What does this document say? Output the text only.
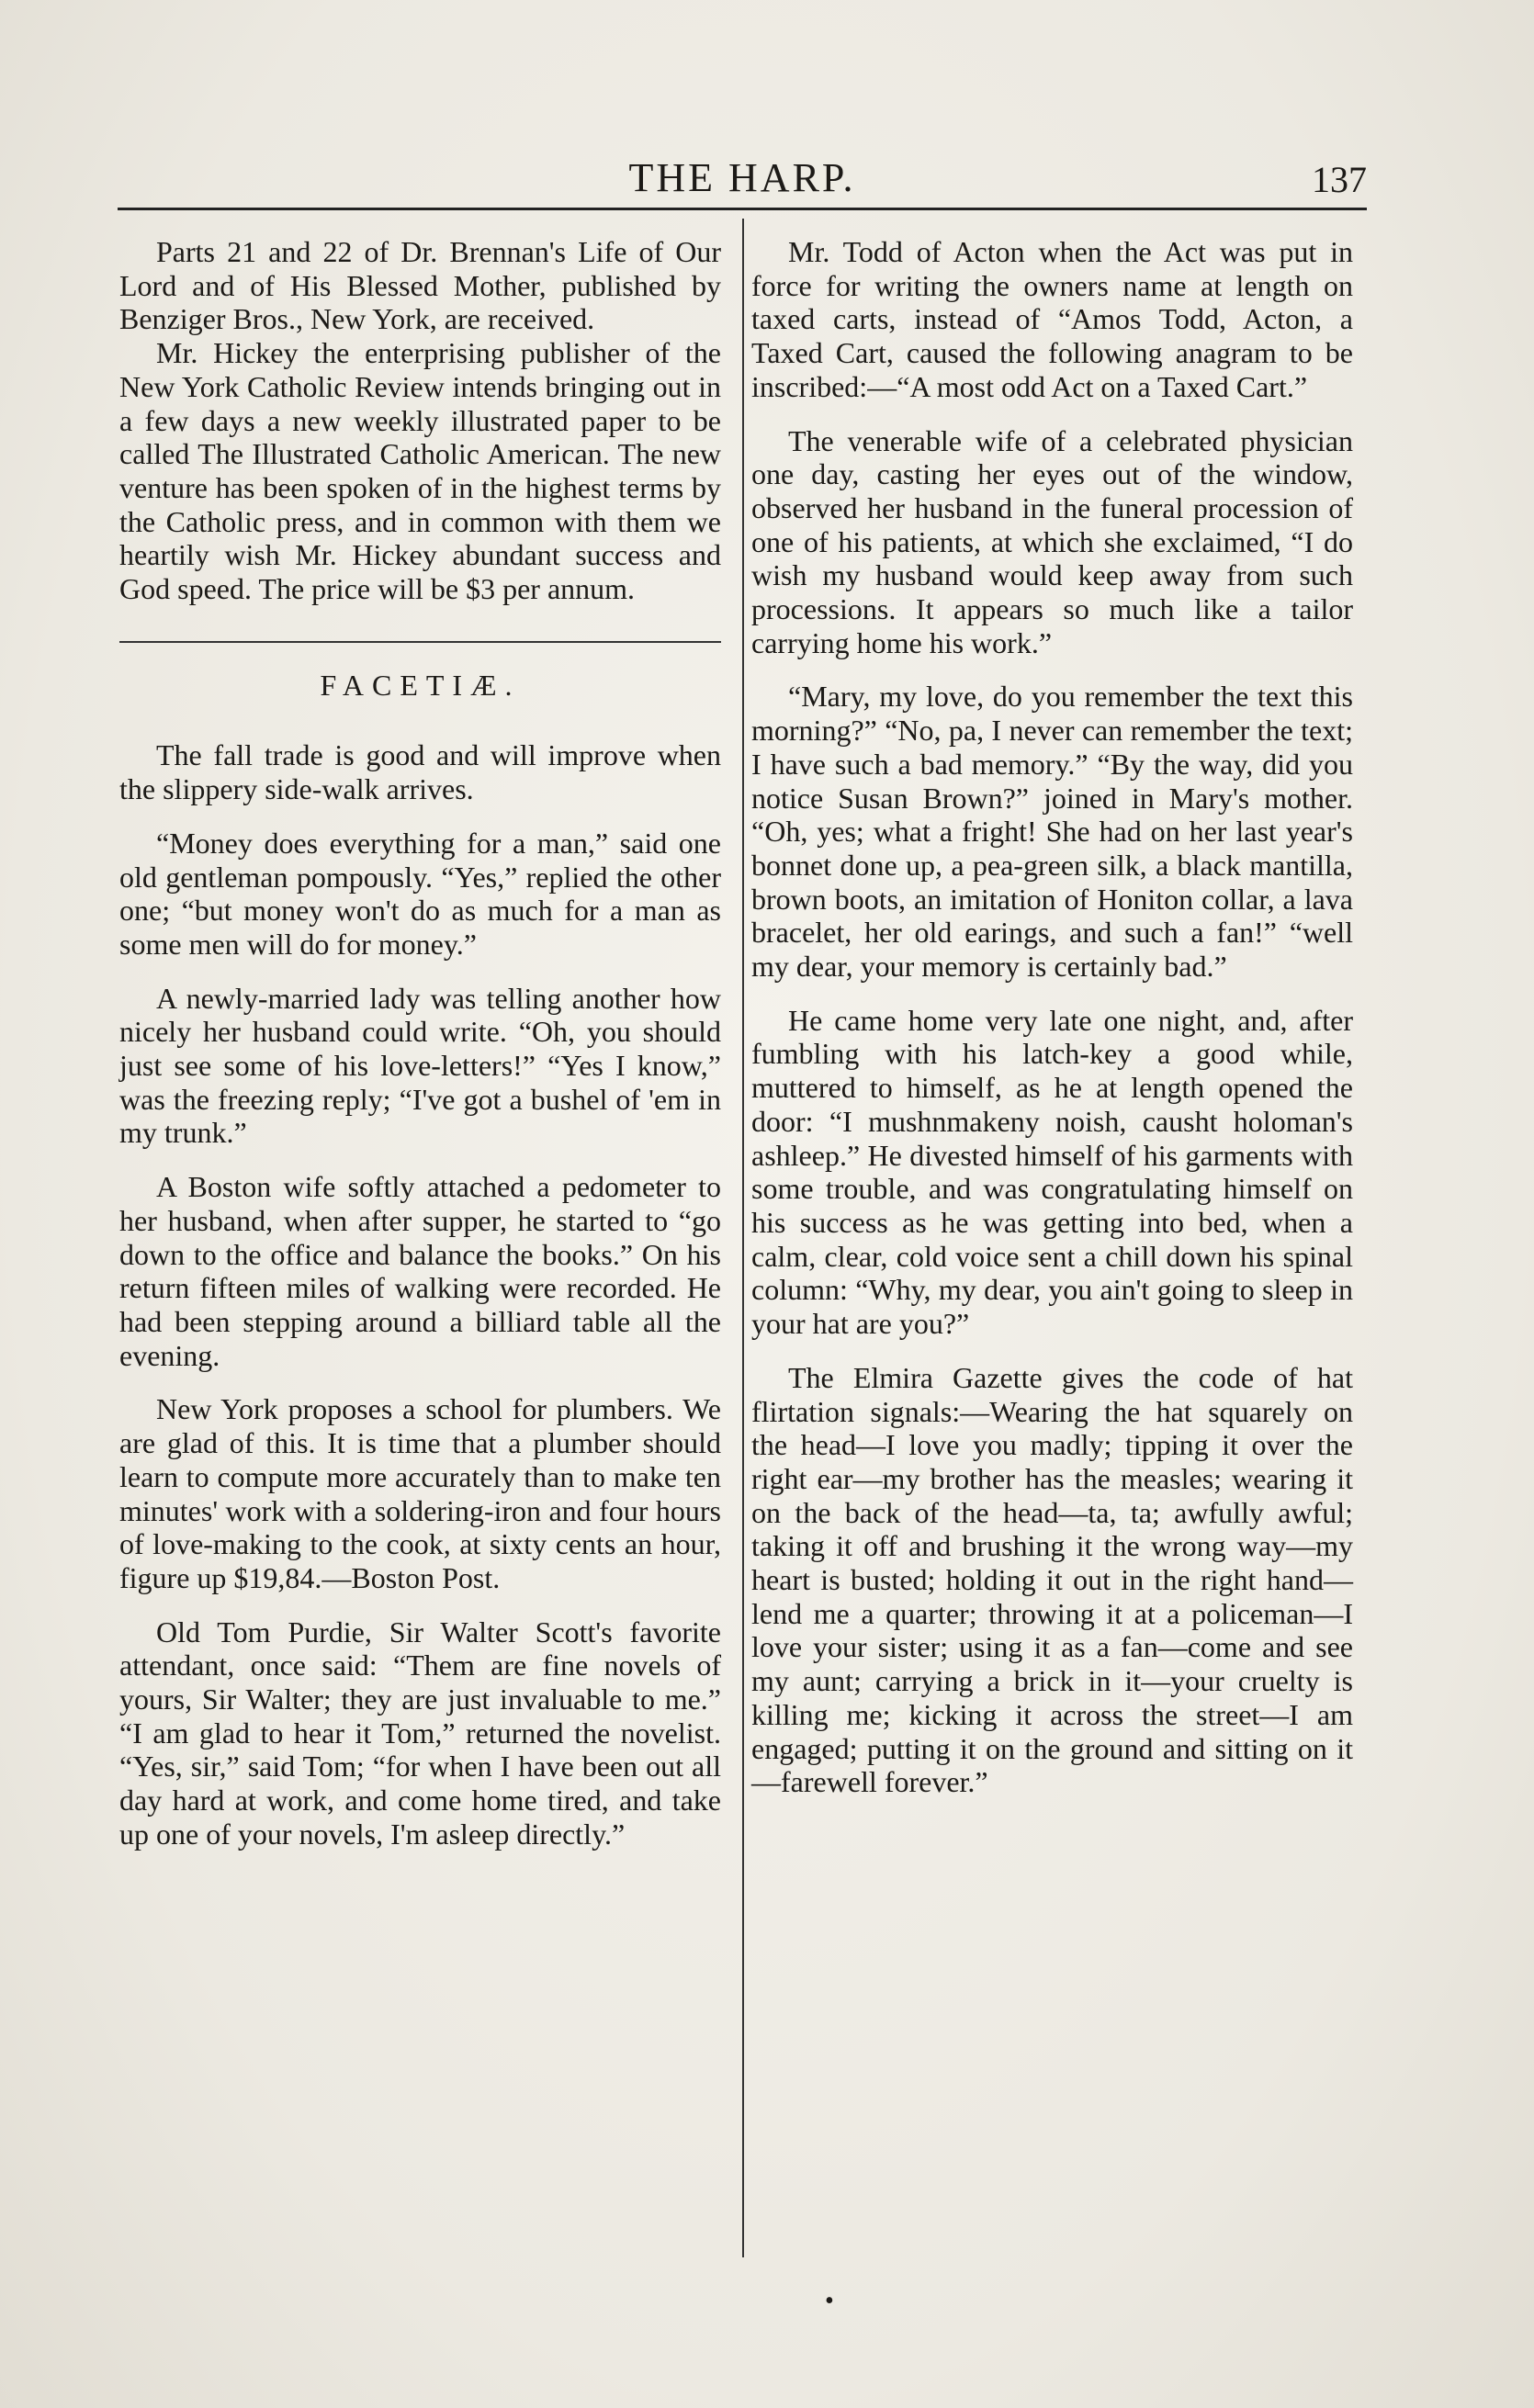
THE HARP.	137

Parts 21 and 22 of Dr. Brennan's Life of Our Lord and of His Blessed Mother, published by Benziger Bros., New York, are received.

Mr. Hickey the enterprising publisher of the New York Catholic Review intends bringing out in a few days a new weekly illustrated paper to be called The Illustrated Catholic American. The new venture has been spoken of in the highest terms by the Catholic press, and in common with them we heartily wish Mr. Hickey abundant success and God speed. The price will be $3 per annum.

FACETIÆ.

The fall trade is good and will improve when the slippery side-walk arrives.

“Money does everything for a man,” said one old gentleman pompously. “Yes,” replied the other one; “but money won't do as much for a man as some men will do for money.”

A newly-married lady was telling another how nicely her husband could write. “Oh, you should just see some of his love-letters!” “Yes I know,” was the freezing reply; “I've got a bushel of 'em in my trunk.”

A Boston wife softly attached a pedometer to her husband, when after supper, he started to “go down to the office and balance the books.” On his return fifteen miles of walking were recorded. He had been stepping around a billiard table all the evening.

New York proposes a school for plumbers. We are glad of this. It is time that a plumber should learn to compute more accurately than to make ten minutes' work with a soldering-iron and four hours of love-making to the cook, at sixty cents an hour, figure up $19,84.—Boston Post.

Old Tom Purdie, Sir Walter Scott's favorite attendant, once said: “Them are fine novels of yours, Sir Walter; they are just invaluable to me.” “I am glad to hear it Tom,” returned the novelist. “Yes, sir,” said Tom; “for when I have been out all day hard at work, and come home tired, and take up one of your novels, I'm asleep directly.”

Mr. Todd of Acton when the Act was put in force for writing the owners name at length on taxed carts, instead of “Amos Todd, Acton, a Taxed Cart, caused the following anagram to be inscribed:—“A most odd Act on a Taxed Cart.”

The venerable wife of a celebrated physician one day, casting her eyes out of the window, observed her husband in the funeral procession of one of his patients, at which she exclaimed, “I do wish my husband would keep away from such processions. It appears so much like a tailor carrying home his work.”

“Mary, my love, do you remember the text this morning?” “No, pa, I never can remember the text; I have such a bad memory.” “By the way, did you notice Susan Brown?” joined in Mary's mother. “Oh, yes; what a fright! She had on her last year's bonnet done up, a pea-green silk, a black mantilla, brown boots, an imitation of Honiton collar, a lava bracelet, her old earings, and such a fan!” “well my dear, your memory is certainly bad.”

He came home very late one night, and, after fumbling with his latch-key a good while, muttered to himself, as he at length opened the door: “I mushnmakeny noish, causht holoman's ashleep.” He divested himself of his garments with some trouble, and was congratulating himself on his success as he was getting into bed, when a calm, clear, cold voice sent a chill down his spinal column: “Why, my dear, you ain't going to sleep in your hat are you?”

The Elmira Gazette gives the code of hat flirtation signals:—Wearing the hat squarely on the head—I love you madly; tipping it over the right ear—my brother has the measles; wearing it on the back of the head—ta, ta; awfully awful; taking it off and brushing it the wrong way—my heart is busted; holding it out in the right hand—lend me a quarter; throwing it at a policeman—I love your sister; using it as a fan—come and see my aunt; carrying a brick in it—your cruelty is killing me; kicking it across the street—I am engaged; putting it on the ground and sitting on it—farewell forever.”

•
